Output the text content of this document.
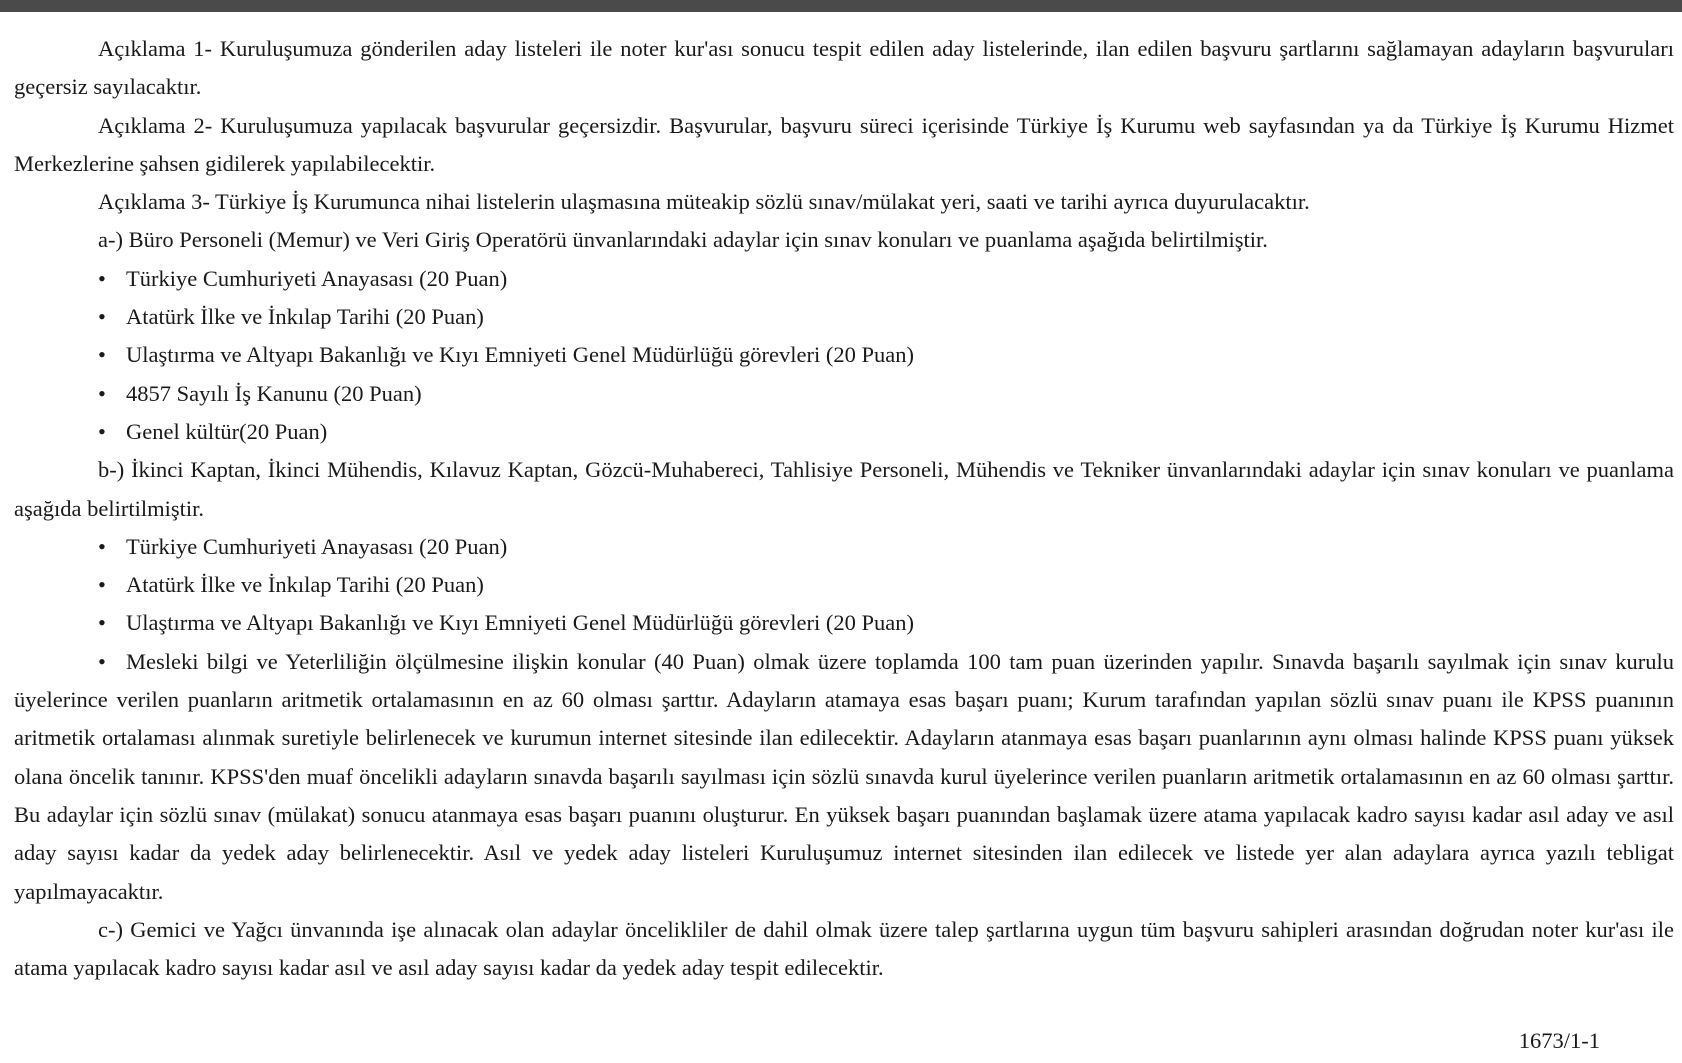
Açıklama 1- Kuruluşumuza gönderilen aday listeleri ile noter kur'ası sonucu tespit edilen aday listelerinde, ilan edilen başvuru şartlarını sağlamayan adayların başvuruları geçersiz sayılacaktır.

Açıklama 2- Kuruluşumuza yapılacak başvurular geçersizdir. Başvurular, başvuru süreci içerisinde Türkiye İş Kurumu web sayfasından ya da Türkiye İş Kurumu Hizmet Merkezlerine şahsen gidilerek yapılabilecektir.

Açıklama 3- Türkiye İş Kurumunca nihai listelerin ulaşmasına müteakip sözlü sınav/mülakat yeri, saati ve tarihi ayrıca duyurulacaktır.

a-) Büro Personeli (Memur) ve Veri Giriş Operatörü ünvanlarındaki adaylar için sınav konuları ve puanlama aşağıda belirtilmiştir.

• Türkiye Cumhuriyeti Anayasası (20 Puan)

• Atatürk İlke ve İnkılap Tarihi (20 Puan)

• Ulaştırma ve Altyapı Bakanlığı ve Kıyı Emniyeti Genel Müdürlüğü görevleri (20 Puan)

• 4857 Sayılı İş Kanunu (20 Puan)

• Genel kültür(20 Puan)

b-) İkinci Kaptan, İkinci Mühendis, Kılavuz Kaptan, Gözcü-Muhabereci, Tahlisiye Personeli, Mühendis ve Tekniker ünvanlarındaki adaylar için sınav konuları ve puanlama aşağıda belirtilmiştir.

• Türkiye Cumhuriyeti Anayasası (20 Puan)

• Atatürk İlke ve İnkılap Tarihi (20 Puan)

• Ulaştırma ve Altyapı Bakanlığı ve Kıyı Emniyeti Genel Müdürlüğü görevleri (20 Puan)

• Mesleki bilgi ve Yeterliliğin ölçülmesine ilişkin konular (40 Puan) olmak üzere toplamda 100 tam puan üzerinden yapılır. Sınavda başarılı sayılmak için sınav kurulu üyelerince verilen puanların aritmetik ortalamasının en az 60 olması şarttır. Adayların atamaya esas başarı puanı; Kurum tarafından yapılan sözlü sınav puanı ile KPSS puanının aritmetik ortalaması alınmak suretiyle belirlenecek ve kurumun internet sitesinde ilan edilecektir. Adayların atanmaya esas başarı puanlarının aynı olması halinde KPSS puanı yüksek olana öncelik tanınır. KPSS'den muaf öncelikli adayların sınavda başarılı sayılması için sözlü sınavda kurul üyelerince verilen puanların aritmetik ortalamasının en az 60 olması şarttır. Bu adaylar için sözlü sınav (mülakat) sonucu atanmaya esas başarı puanını oluşturur. En yüksek başarı puanından başlamak üzere atama yapılacak kadro sayısı kadar asıl aday ve asıl aday sayısı kadar da yedek aday belirlenecektir. Asıl ve yedek aday listeleri Kuruluşumuz internet sitesinden ilan edilecek ve listede yer alan adaylara ayrıca yazılı tebligat yapılmayacaktır.

c-) Gemici ve Yağcı ünvanında işe alınacak olan adaylar öncelikliler de dahil olmak üzere talep şartlarına uygun tüm başvuru sahipleri arasından doğrudan noter kur'ası ile atama yapılacak kadro sayısı kadar asıl ve asıl aday sayısı kadar da yedek aday tespit edilecektir.

1673/1-1
